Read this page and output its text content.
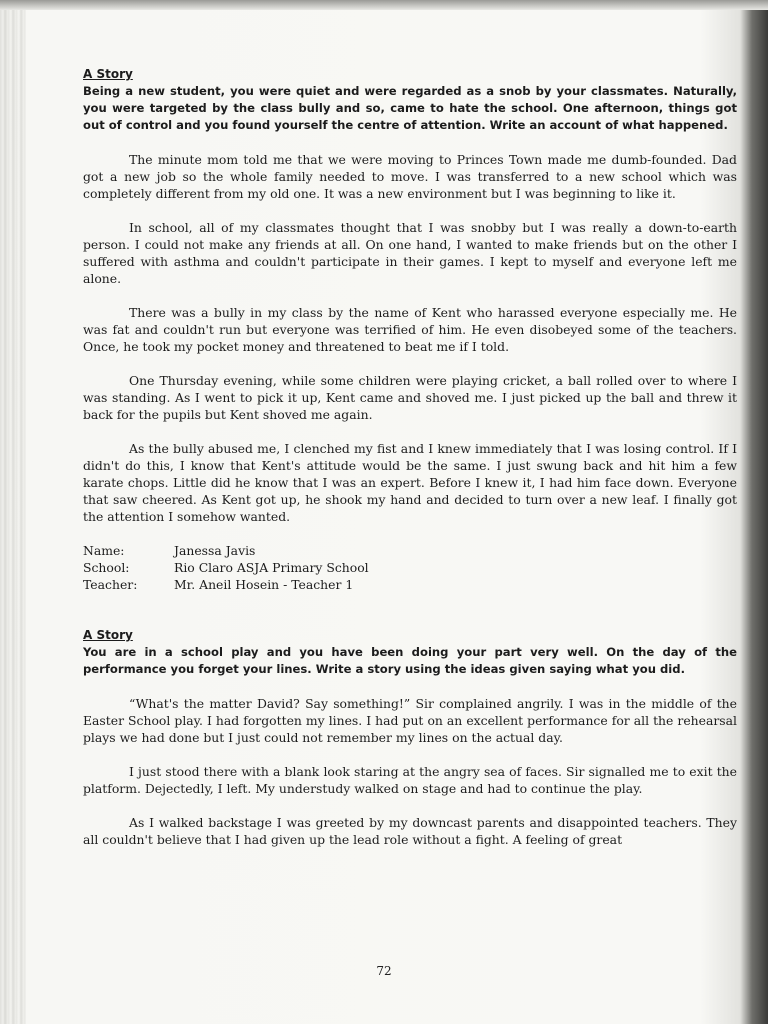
A Story

Being a new student, you were quiet and were regarded as a snob by your classmates. Naturally, you were targeted by the class bully and so, came to hate the school. One afternoon, things got out of control and you found yourself the centre of attention. Write an account of what happened.

The minute mom told me that we were moving to Princes Town made me dumb-founded. Dad got a new job so the whole family needed to move. I was transferred to a new school which was completely different from my old one. It was a new environment but I was beginning to like it.

In school, all of my classmates thought that I was snobby but I was really a down-to-earth person. I could not make any friends at all. On one hand, I wanted to make friends but on the other I suffered with asthma and couldn't participate in their games. I kept to myself and everyone left me alone.

There was a bully in my class by the name of Kent who harassed everyone especially me. He was fat and couldn't run but everyone was terrified of him. He even disobeyed some of the teachers. Once, he took my pocket money and threatened to beat me if I told.

One Thursday evening, while some children were playing cricket, a ball rolled over to where I was standing. As I went to pick it up, Kent came and shoved me. I just picked up the ball and threw it back for the pupils but Kent shoved me again.

As the bully abused me, I clenched my fist and I knew immediately that I was losing control. If I didn't do this, I know that Kent's attitude would be the same. I just swung back and hit him a few karate chops. Little did he know that I was an expert. Before I knew it, I had him face down. Everyone that saw cheered. As Kent got up, he shook my hand and decided to turn over a new leaf. I finally got the attention I somehow wanted.

Name:	Janessa Javis
School:	Rio Claro ASJA Primary School
Teacher:	Mr. Aneil Hosein - Teacher 1
A Story

You are in a school play and you have been doing your part very well. On the day of the performance you forget your lines. Write a story using the ideas given saying what you did.

“What's the matter David? Say something!” Sir complained angrily. I was in the middle of the Easter School play. I had forgotten my lines. I had put on an excellent performance for all the rehearsal plays we had done but I just could not remember my lines on the actual day.

I just stood there with a blank look staring at the angry sea of faces. Sir signalled me to exit the platform. Dejectedly, I left. My understudy walked on stage and had to continue the play.

As I walked backstage I was greeted by my downcast parents and disappointed teachers. They all couldn't believe that I had given up the lead role without a fight. A feeling of great

72
